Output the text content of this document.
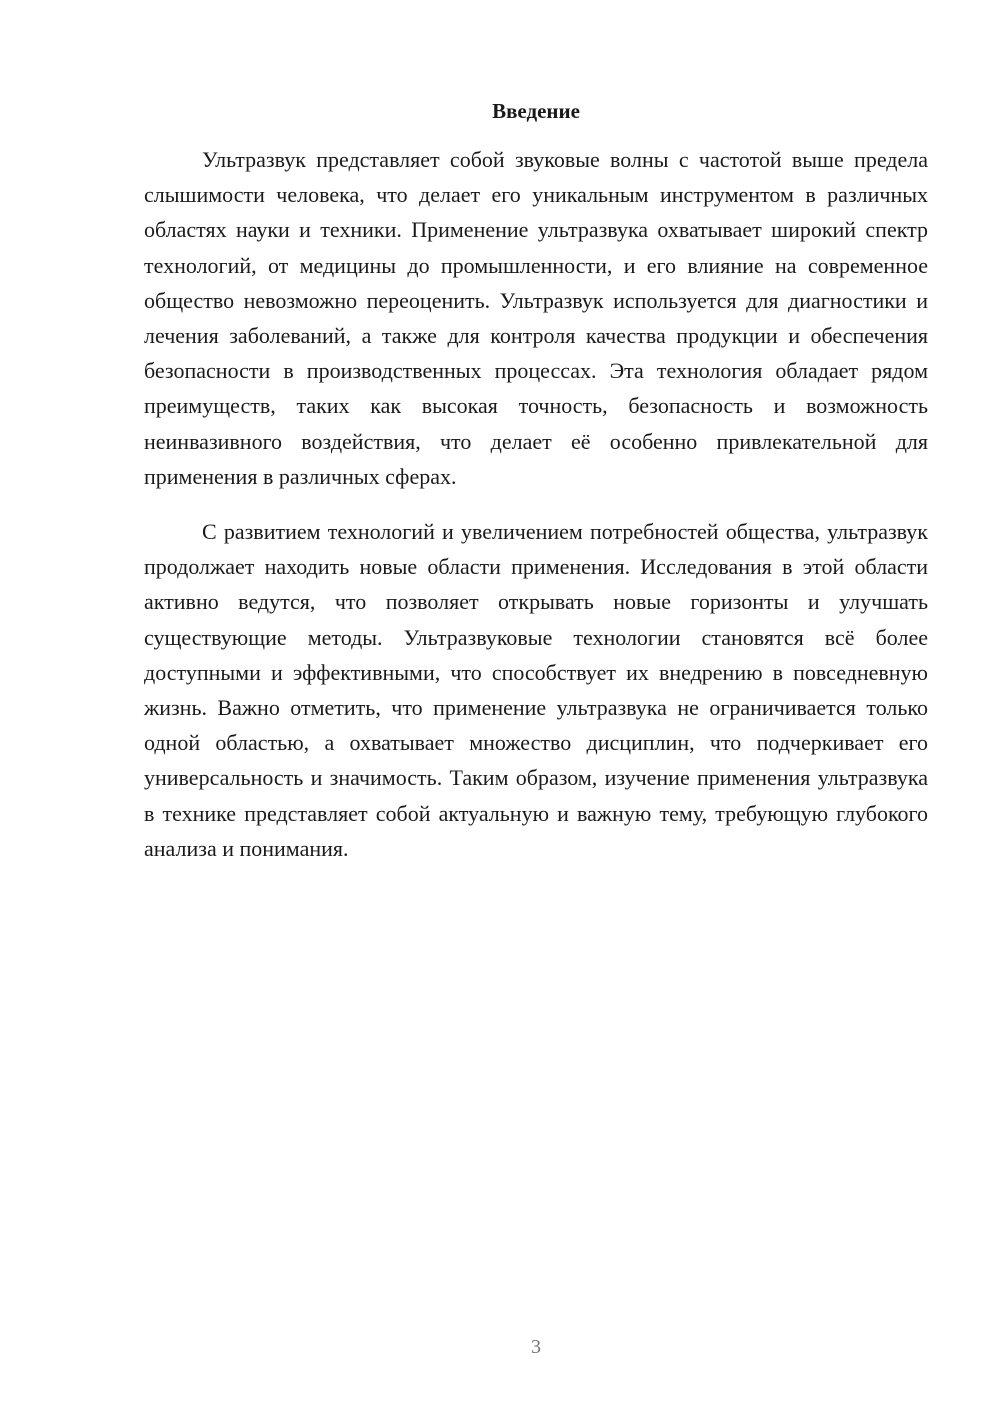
Введение

Ультразвук представляет собой звуковые волны с частотой выше предела слышимости человека, что делает его уникальным инструментом в различных областях науки и техники. Применение ультразвука охватывает широкий спектр технологий, от медицины до промышленности, и его влияние на современное общество невозможно переоценить. Ультразвук используется для диагностики и лечения заболеваний, а также для контроля качества продукции и обеспечения безопасности в производственных процессах. Эта технология обладает рядом преимуществ, таких как высокая точность, безопасность и возможность неинвазивного воздействия, что делает её особенно привлекательной для применения в различных сферах.

С развитием технологий и увеличением потребностей общества, ультразвук продолжает находить новые области применения. Исследования в этой области активно ведутся, что позволяет открывать новые горизонты и улучшать существующие методы. Ультразвуковые технологии становятся всё более доступными и эффективными, что способствует их внедрению в повседневную жизнь. Важно отметить, что применение ультразвука не ограничивается только одной областью, а охватывает множество дисциплин, что подчеркивает его универсальность и значимость. Таким образом, изучение применения ультразвука в технике представляет собой актуальную и важную тему, требующую глубокого анализа и понимания.

3
